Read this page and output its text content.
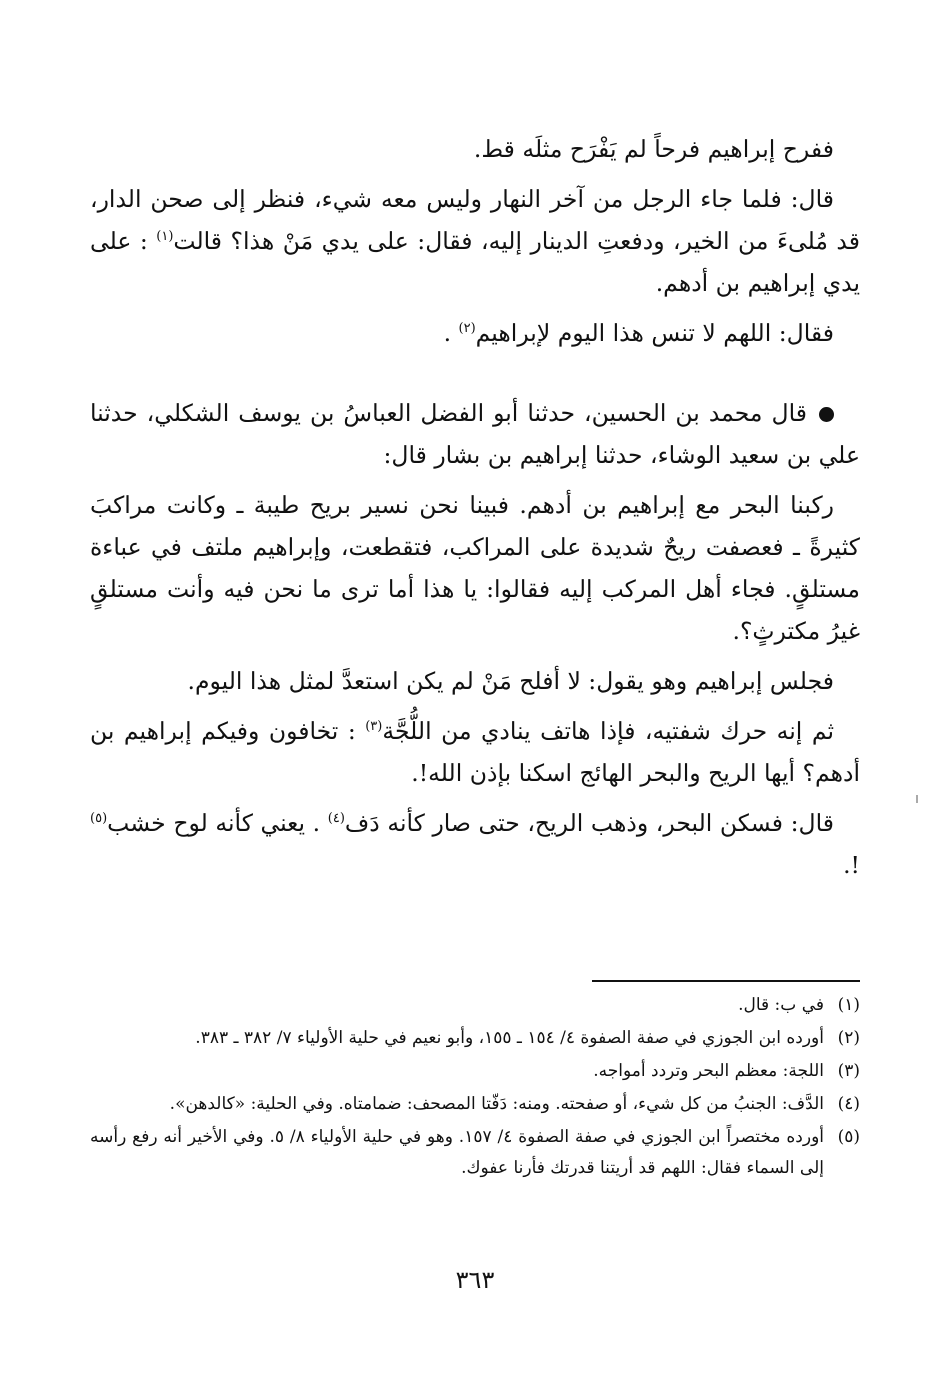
ففرح إبراهيم فرحاً لم يَفْرَح مثلَه قط.

قال: فلما جاء الرجل من آخر النهار وليس معه شيء، فنظر إلى صحن الدار، قد مُلىءَ من الخير، ودفعتِ الدينار إليه، فقال: على يدي مَنْ هذا؟ قالت$^{(١)}$ : على يدي إبراهيم بن أدهم.

فقال: اللهم لا تنس هذا اليوم لإبراهيم$^{(٢)}$ .

قال محمد بن الحسين، حدثنا أبو الفضل العباسُ بن يوسف الشكلي، حدثنا علي بن سعيد الوشاء، حدثنا إبراهيم بن بشار قال:

ركبنا البحر مع إبراهيم بن أدهم. فبينا نحن نسير بريح طيبة ـ وكانت مراكبَ كثيرةً ـ فعصفت ريحٌ شديدة على المراكب، فتقطعت، وإبراهيم ملتف في عباءة مستلقٍ. فجاء أهل المركب إليه فقالوا: يا هذا أما ترى ما نحن فيه وأنت مستلقٍ غيرُ مكترثٍ؟.

فجلس إبراهيم وهو يقول: لا أفلح مَنْ لم يكن استعدَّ لمثل هذا اليوم.

ثم إنه حرك شفتيه، فإذا هاتف ينادي من اللُّجَّة$^{(٣)}$ : تخافون وفيكم إبراهيم بن أدهم؟ أيها الريح والبحر الهائج اسكنا بإذن الله!.

قال: فسكن البحر، وذهب الريح، حتى صار كأنه دَف$^{(٤)}$ . يعني كأنه لوح خشب$^{(٥)}$ !.

(١)
في ب: قال.
(٢)
أورده ابن الجوزي في صفة الصفوة ٤/ ١٥٤ ـ ١٥٥، وأبو نعيم في حلية الأولياء ٧/ ٣٨٢ ـ ٣٨٣.
(٣)
اللجة: معظم البحر وتردد أمواجه.
(٤)
الدَّف: الجنبُ من كل شيء، أو صفحته. ومنه: دَفّتا المصحف: ضمامتاه. وفي الحلية: «كالدهن».
(٥)
أورده مختصراً ابن الجوزي في صفة الصفوة ٤/ ١٥٧. وهو في حلية الأولياء ٨/ ٥. وفي الأخير أنه رفع رأسه إلى السماء فقال: اللهم قد أريتنا قدرتك فأرنا عفوك.
٣٦٣
